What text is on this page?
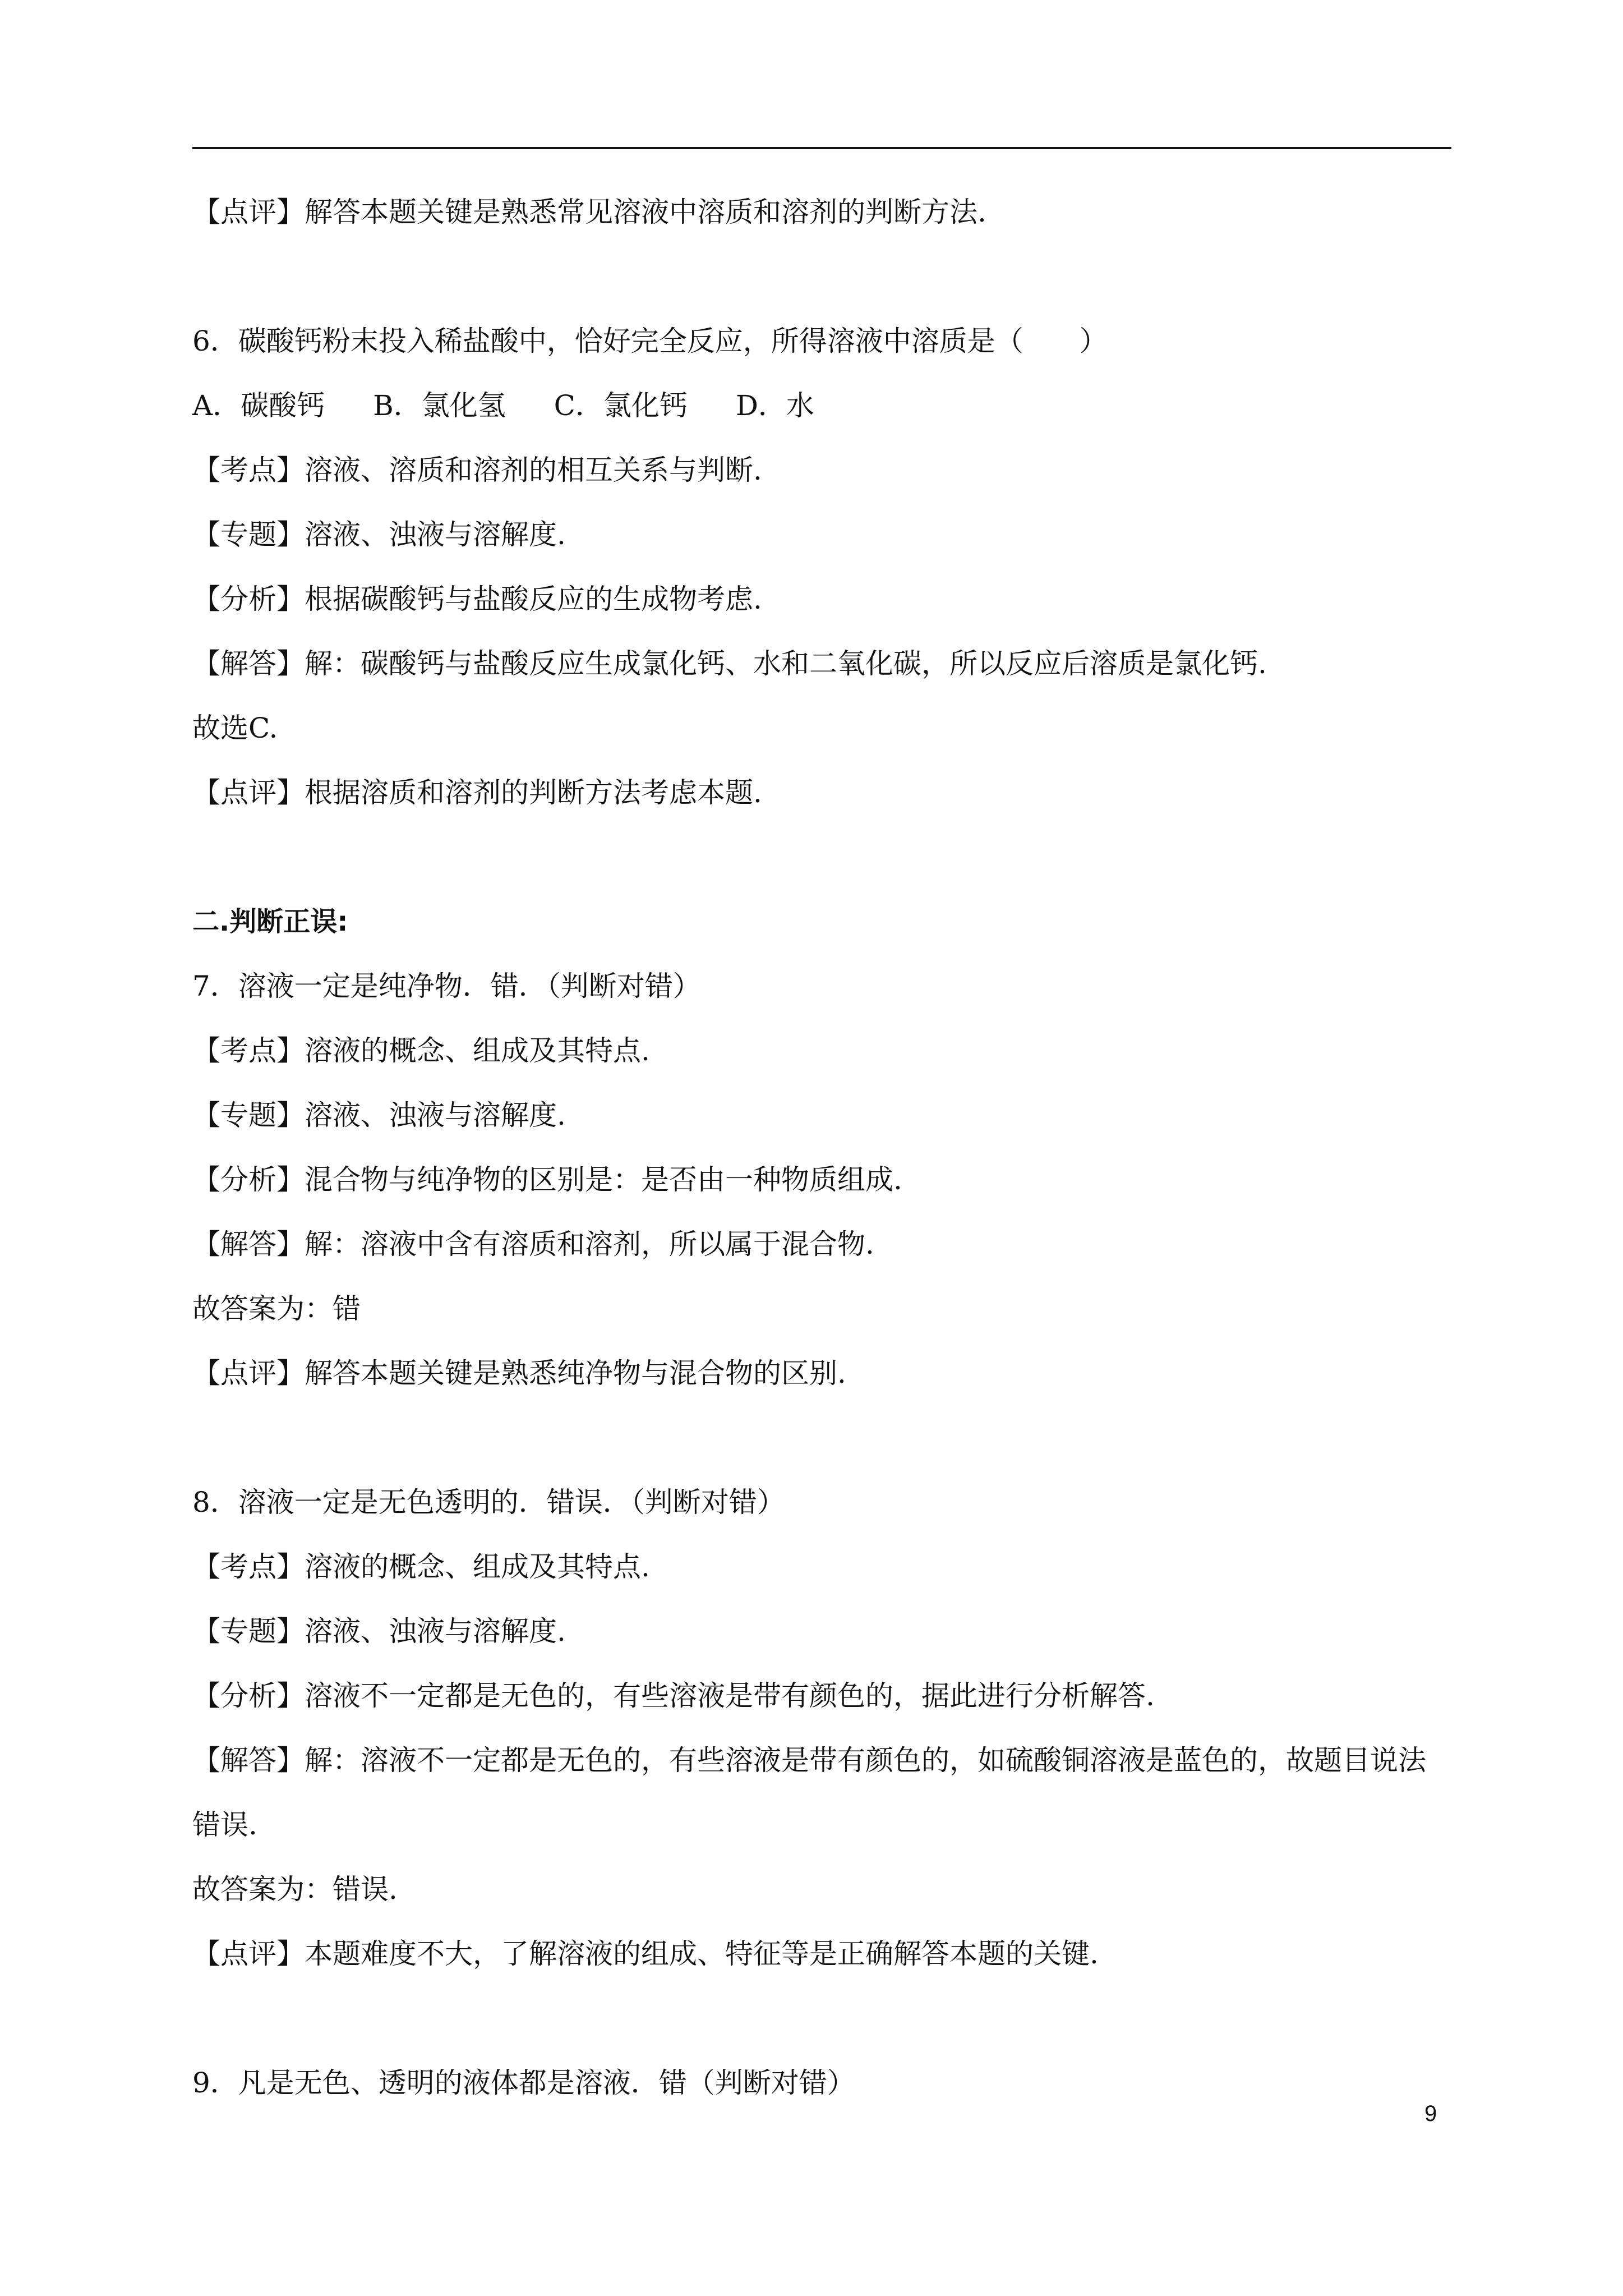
【点评】解答本题关键是熟悉常见溶液中溶质和溶剂的判断方法.
6．碳酸钙粉末投入稀盐酸中，恰好完全反应，所得溶液中溶质是（　　）
A．碳酸钙 B．氯化氢 C．氯化钙 D．水
【考点】溶液、溶质和溶剂的相互关系与判断.
【专题】溶液、浊液与溶解度.
【分析】根据碳酸钙与盐酸反应的生成物考虑.
【解答】解：碳酸钙与盐酸反应生成氯化钙、水和二氧化碳，所以反应后溶质是氯化钙.
故选C.
【点评】根据溶质和溶剂的判断方法考虑本题.
二.判断正误:
7．溶液一定是纯净物．错．（判断对错）
【考点】溶液的概念、组成及其特点.
【专题】溶液、浊液与溶解度.
【分析】混合物与纯净物的区别是：是否由一种物质组成.
【解答】解：溶液中含有溶质和溶剂，所以属于混合物.
故答案为：错
【点评】解答本题关键是熟悉纯净物与混合物的区别.
8．溶液一定是无色透明的．错误．（判断对错）
【考点】溶液的概念、组成及其特点.
【专题】溶液、浊液与溶解度.
【分析】溶液不一定都是无色的，有些溶液是带有颜色的，据此进行分析解答.
【解答】解：溶液不一定都是无色的，有些溶液是带有颜色的，如硫酸铜溶液是蓝色的，故题目说法错误.
故答案为：错误.
【点评】本题难度不大，了解溶液的组成、特征等是正确解答本题的关键.
9．凡是无色、透明的液体都是溶液．错（判断对错）
9
